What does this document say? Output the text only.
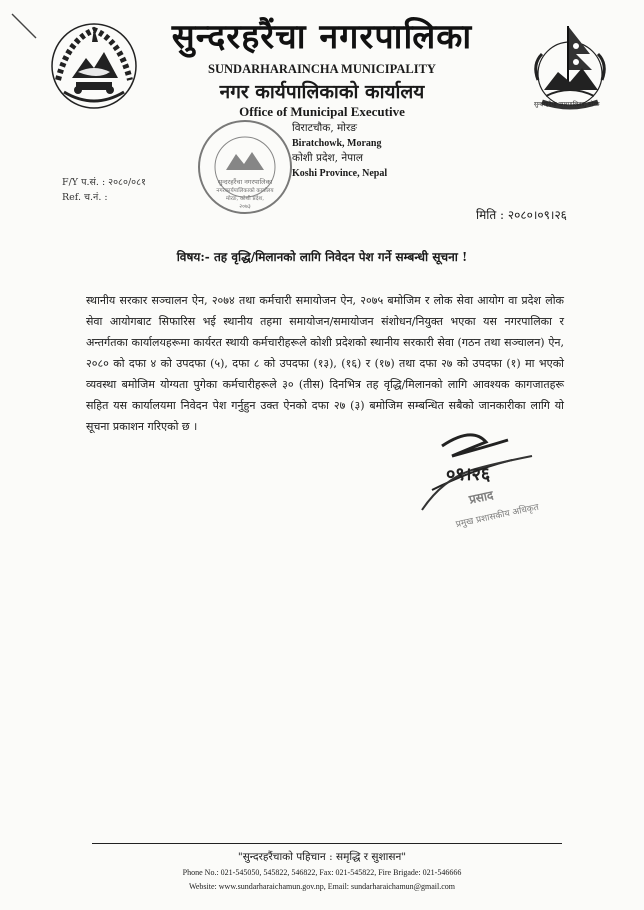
सुन्दरहरैंचा नगरपालिका, मोरङ
सुन्दरहरैंचा नगरपालिका
SUNDARHARAINCHA MUNICIPALITY
नगर कार्यपालिकाको कार्यालय
Office of Municipal Executive
विराटचौक, मोरङ
Biratchowk, Morang
कोशी प्रदेश, नेपाल
Koshi Province, Nepal
सुन्दरहरैंचा नगरपालिका
नगरकार्यपालिकाको कार्यालय
मोरङ, कोशी प्रदेश,
२०७३
F/Y प.सं. : २०८०/०८१
Ref. च.नं. :
मिति : २०८०।०९।२६
विषय:- तह वृद्धि/मिलानको लागि निवेदन पेश गर्ने सम्बन्धी सूचना !
स्थानीय सरकार सञ्चालन ऐन, २०७४ तथा कर्मचारी समायोजन ऐन, २०७५ बमोजिम र लोक सेवा आयोग वा प्रदेश लोक सेवा आयोगबाट सिफारिस भई स्थानीय तहमा समायोजन/समायोजन संशोधन/नियुक्त भएका यस नगरपालिका र अन्तर्गतका कार्यालयहरूमा कार्यरत स्थायी कर्मचारीहरूले कोशी प्रदेशको स्थानीय सरकारी सेवा (गठन तथा सञ्चालन) ऐन, २०८० को दफा ४ को उपदफा (५), दफा ८ को उपदफा (१३), (१६) र (१७) तथा दफा २७ को उपदफा (१) मा भएको व्यवस्था बमोजिम योग्यता पुगेका कर्मचारीहरूले ३० (तीस) दिनभित्र तह वृद्धि/मिलानको लागि आवश्यक कागजातहरू सहित यस कार्यालयमा निवेदन पेश गर्नुहुन उक्त ऐनको दफा २७ (३) बमोजिम सम्बन्धित सबैको जानकारीका लागि यो सूचना प्रकाशन गरिएको छ ।
०९।२६
प्रसाद
प्रमुख प्रशासकीय अधिकृत
"सुन्दरहरैंचाको पहिचान : समृद्धि र सुशासन"
Phone No.: 021-545050, 545822, 546822, Fax: 021-545822, Fire Brigade: 021-546666
Website: www.sundarharaichamun.gov.np, Email: sundarharaichamun@gmail.com
